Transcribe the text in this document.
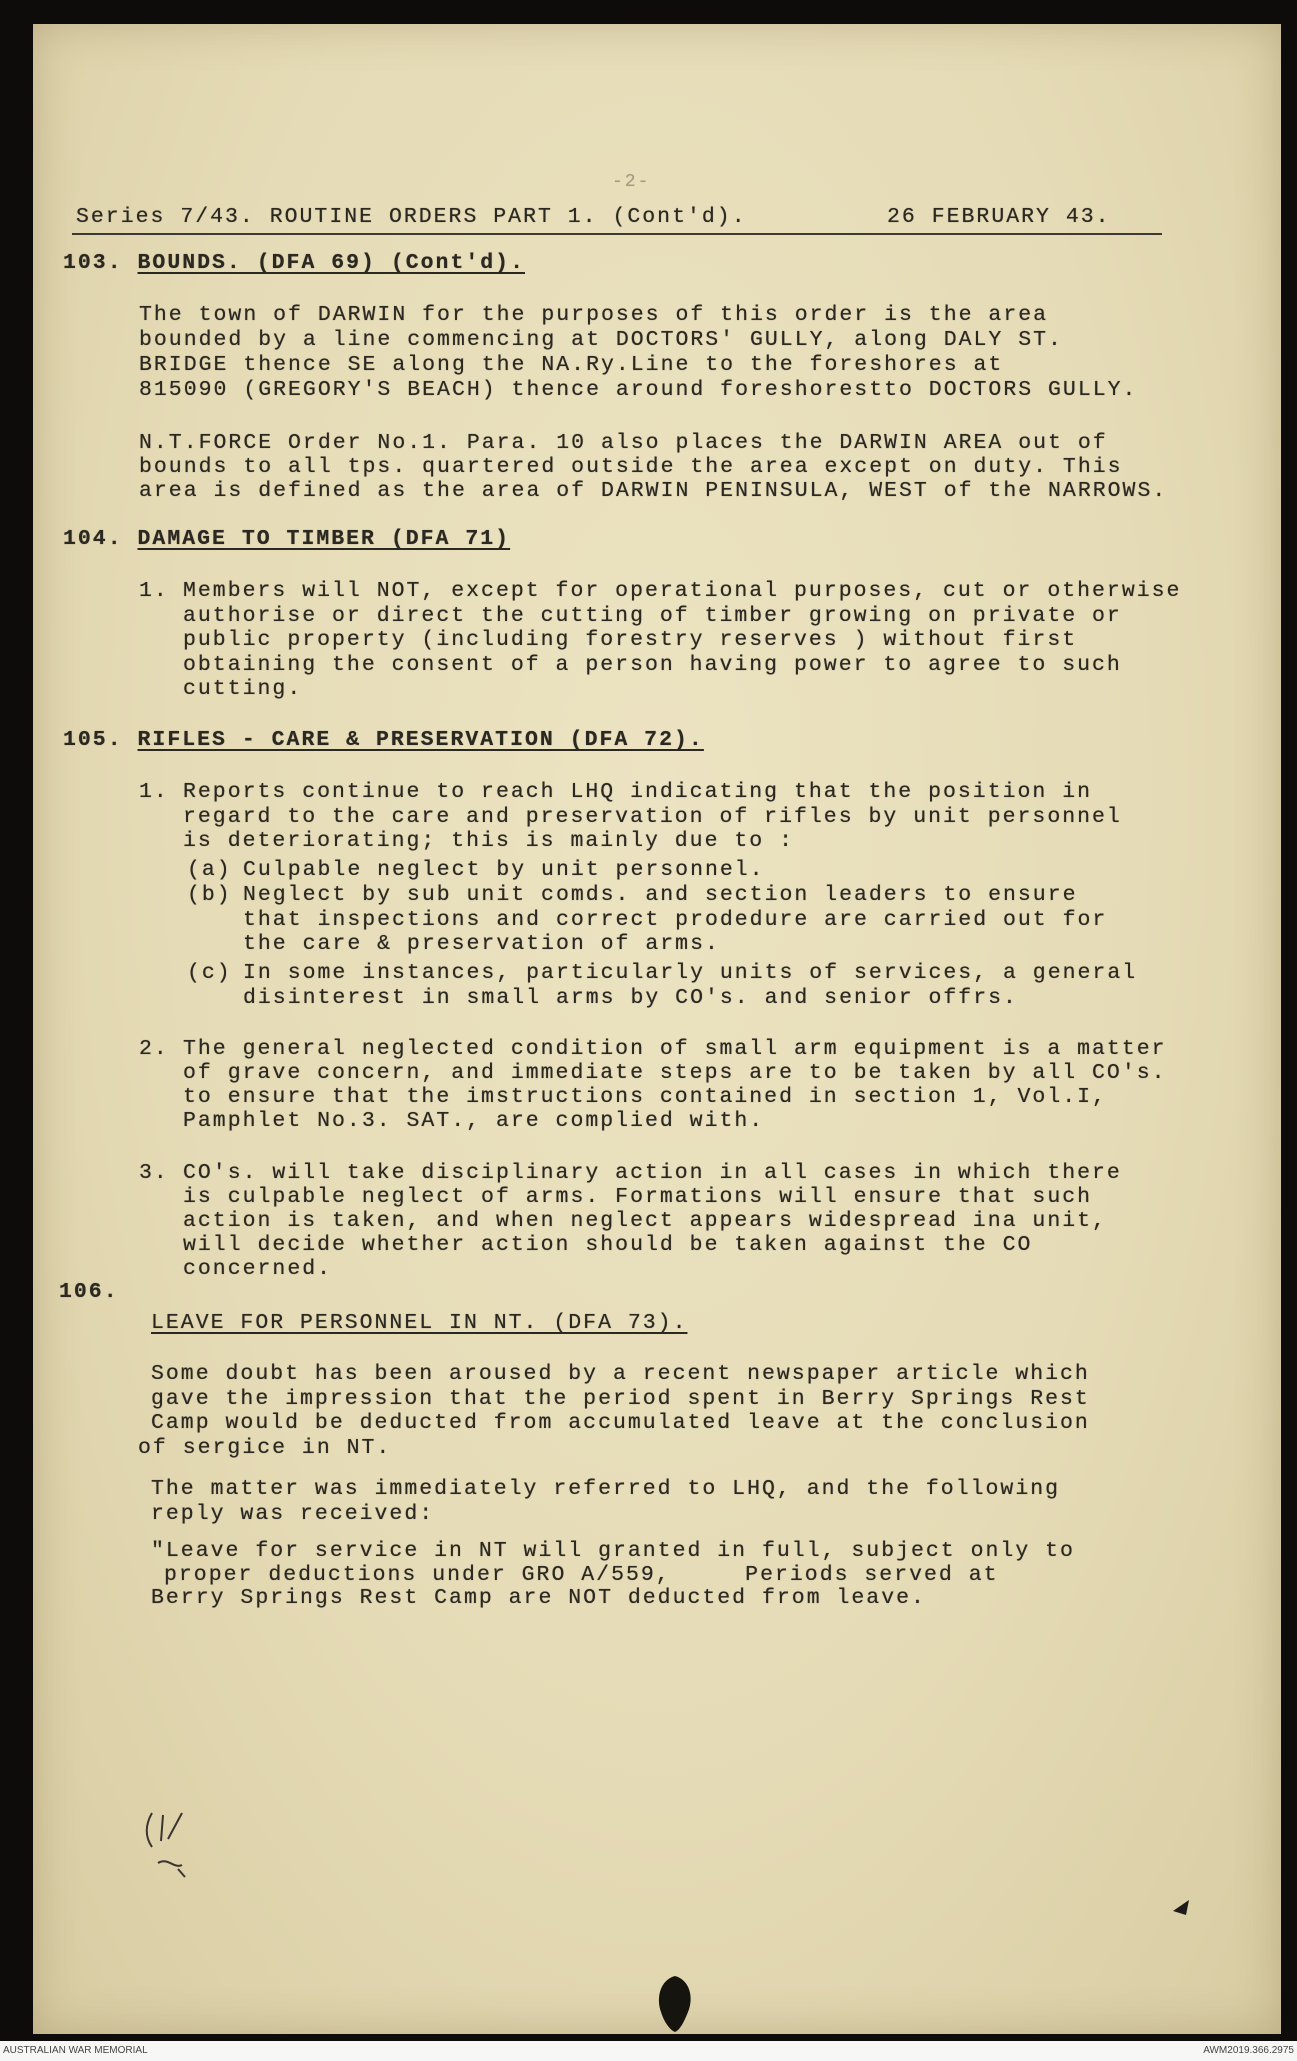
-2-
Series 7/43. ROUTINE ORDERS PART 1. (Cont'd).	26 FEBRUARY 43.
103. BOUNDS. (DFA 69) (Cont'd).
The town of DARWIN for the purposes of this order is the area
bounded by a line commencing at DOCTORS' GULLY, along DALY ST.
BRIDGE thence SE along the NA.Ry.Line to the foreshores at
815090 (GREGORY'S BEACH) thence around foreshorestto DOCTORS GULLY.
N.T.FORCE Order No.1. Para. 10 also places the DARWIN AREA out of
bounds to all tps. quartered outside the area except on duty. This
area is defined as the area of DARWIN PENINSULA, WEST of the NARROWS.
104. DAMAGE TO TIMBER (DFA 71)
1. Members will NOT, except for operational purposes, cut or otherwise
authorise or direct the cutting of timber growing on private or
public property (including forestry reserves ) without first
obtaining the consent of a person having power to agree to such
cutting.
105. RIFLES - CARE & PRESERVATION (DFA 72).
1. Reports continue to reach LHQ indicating that the position in
regard to the care and preservation of rifles by unit personnel
is deteriorating; this is mainly due to :
(a) Culpable neglect by unit personnel.
(b) Neglect by sub unit comds. and section leaders to ensure
that inspections and correct prodedure are carried out for
the care & preservation of arms.
(c) In some instances, particularly units of services, a general
disinterest in small arms by CO's. and senior offrs.
2. The general neglected condition of small arm equipment is a matter
of grave concern, and immediate steps are to be taken by all CO's.
to ensure that the imstructions contained in section 1, Vol.I,
Pamphlet No.3. SAT., are complied with.
3. CO's. will take disciplinary action in all cases in which there
is culpable neglect of arms. Formations will ensure that such
action is taken, and when neglect appears widespread ina unit,
will decide whether action should be taken against the CO
concerned.
106.
LEAVE FOR PERSONNEL IN NT. (DFA 73).
Some doubt has been aroused by a recent newspaper article which
gave the impression that the period spent in Berry Springs Rest
Camp would be deducted from accumulated leave at the conclusion
of sergice in NT.
The matter was immediately referred to LHQ, and the following
reply was received:
"Leave for service in NT will granted in full, subject only to
proper deductions under GRO A/559,     Periods served at
Berry Springs Rest Camp are NOT deducted from leave.
AUSTRALIAN WAR MEMORIAL	AWM2019.366.2975
